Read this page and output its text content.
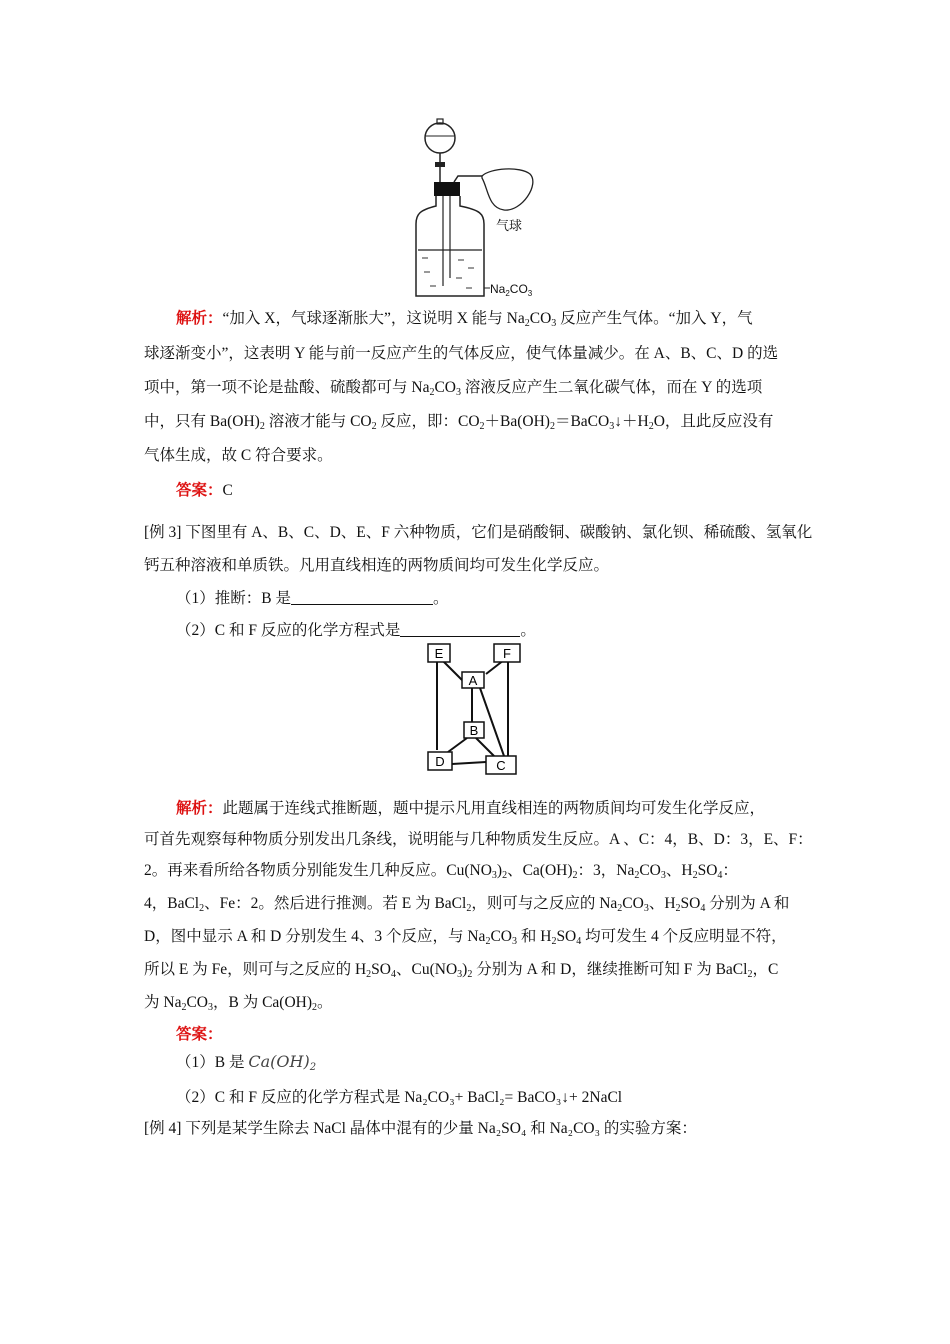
气球
$Na_2CO_3$
解析：“加入 X，气球逐渐胀大”，这说明 X 能与 $Na_2CO_3$ 反应产生气体。“加入 Y，气
球逐渐变小”，这表明 Y 能与前一反应产生的气体反应，使气体量减少。在 A、B、C、D 的选
项中，第一项不论是盐酸、硫酸都可与 $Na_2CO_3$ 溶液反应产生二氧化碳气体，而在 Y 的选项
中，只有 $Ba(OH)_2$ 溶液才能与 $CO_2$ 反应，即：$CO_2+Ba(OH)_2=BaCO_3↓+H_2O$，且此反应没有
气体生成，故 C 符合要求。
答案：C
[例 3] 下图里有 A、B、C、D、E、F 六种物质，它们是硝酸铜、碳酸钠、氯化钡、稀硫酸、氢氧化
钙五种溶液和单质铁。凡用直线相连的两物质间均可发生化学反应。
（1）推断：B 是	。
（2）C 和 F 反应的化学方程式是	。
E	F
A
B
D	C
解析：此题属于连线式推断题，题中提示凡用直线相连的两物质间均可发生化学反应，
可首先观察每种物质分别发出几条线，说明能与几种物质发生反应。A 、C：4，B、D：3，E、F：
2。再来看所给各物质分别能发生几种反应。$Cu(NO_3)_2$、$Ca(OH)_2$：3，$Na_2CO_3$、$H_2SO_4$：
4，BaCl$_2$、Fe：2。然后进行推测。若 E 为 BaCl$_2$，则可与之反应的 $Na_2CO_3$、$H_2SO_4$ 分别为 A 和
D，图中显示 A 和 D 分别发生 4、3 个反应，与 $Na_2CO_3$ 和 $H_2SO_4$ 均可发生 4 个反应明显不符，
所以 E 为 Fe，则可与之反应的 $H_2SO_4$、$Cu(NO_3)_2$ 分别为 A 和 D，继续推断可知 F 为 BaCl$_2$，C
为 $Na_2CO_3$，B 为 $Ca(OH)_2$。
答案：
（1）B 是 $Ca(OH)_2$
（2）C 和 F 反应的化学方程式是 Na₂CO₃+ BaCl₂= BaCO₃↓+ 2NaCl
[例 4] 下列是某学生除去 NaCl 晶体中混有的少量 Na₂SO₄ 和 Na₂CO₃ 的实验方案：
